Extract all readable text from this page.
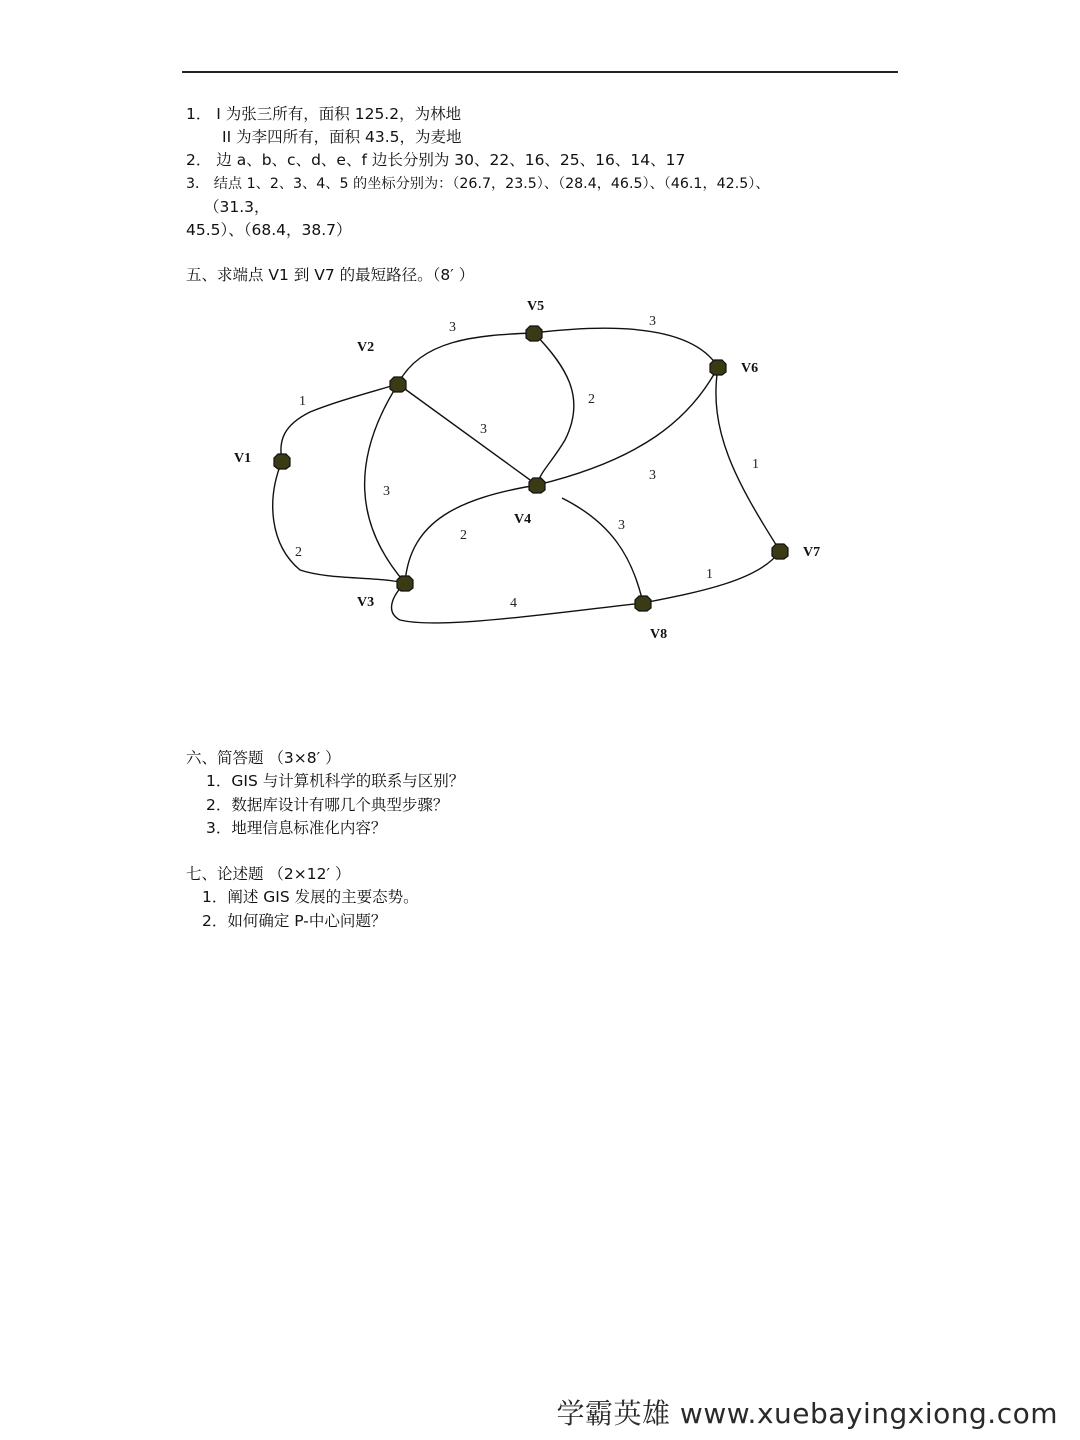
1． I 为张三所有，面积 125.2，为林地
II 为李四所有，面积 43.5，为麦地
2． 边 a、b、c、d、e、f 边长分别为 30、22、16、25、16、14、17
3． 结点 1、2、3、4、5 的坐标分别为：（26.7，23.5）、（28.4，46.5）、（46.1，42.5）、
（31.3，
45.5）、（68.4，38.7）
五、求端点 V1 到 V7 的最短路径。（8′ ）
V1
V2
V3
V4
V5
V6
V7
V8
1
2
3
3
3
3
2
3
2
3
1
4
1
六、简答题 （3×8′ ）
1．GIS 与计算机科学的联系与区别？
2．数据库设计有哪几个典型步骤？
3．地理信息标准化内容？
七、论述题 （2×12′ ）
1．阐述 GIS 发展的主要态势。
2．如何确定 P-中心问题？
学霸英雄 www.xuebayingxiong.com
